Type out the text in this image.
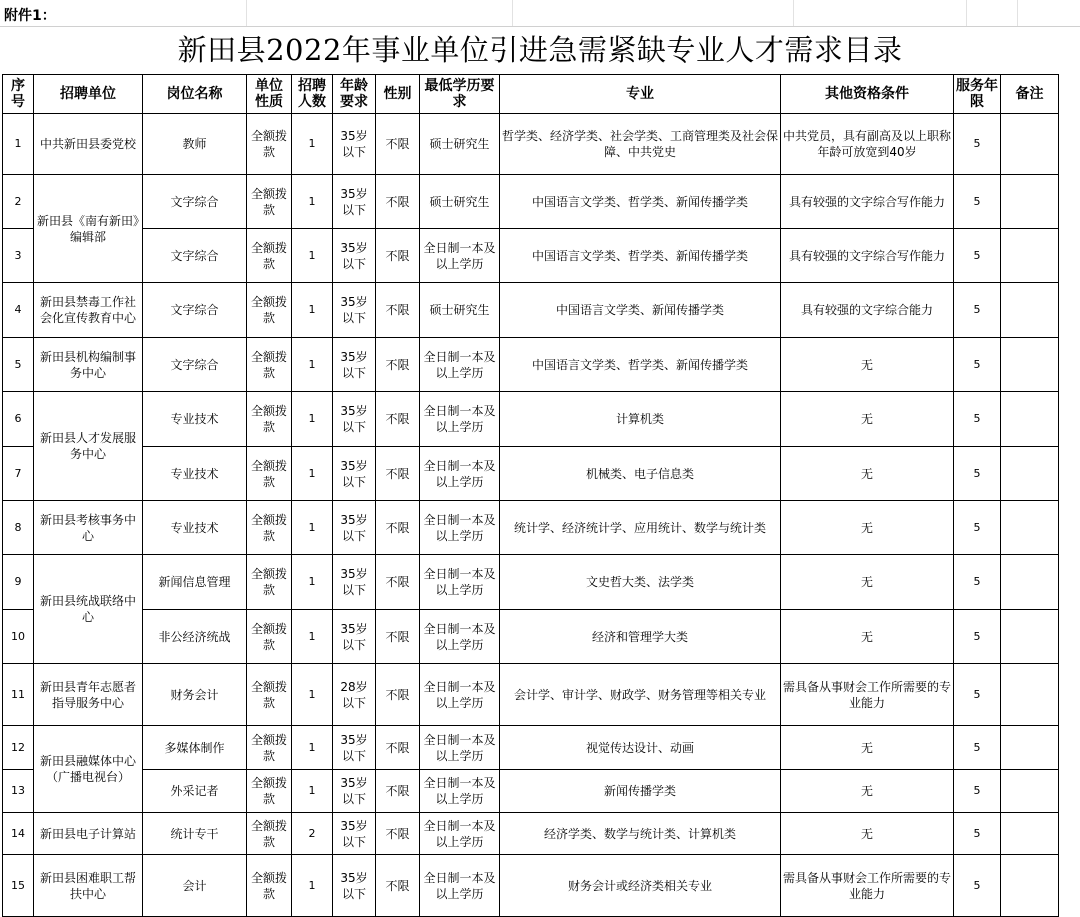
附件1：
新田县2022年事业单位引进急需紧缺专业人才需求目录
序号	招聘单位	岗位名称	单位性质	招聘人数	年龄要求	性别	最低学历要求	专业	其他资格条件	服务年限	备注
1	中共新田县委党校	教师	全额拨款	1	35岁以下	不限	硕士研究生	哲学类、经济学类、社会学类、工商管理类及社会保障、中共党史	中共党员，具有副高及以上职称年龄可放宽到40岁	5	
2	新田县《南有新田》编辑部	文字综合	全额拨款	1	35岁以下	不限	硕士研究生	中国语言文学类、哲学类、新闻传播学类	具有较强的文字综合写作能力	5	
3		文字综合	全额拨款	1	35岁以下	不限	全日制一本及以上学历	中国语言文学类、哲学类、新闻传播学类	具有较强的文字综合写作能力	5	
4	新田县禁毒工作社会化宣传教育中心	文字综合	全额拨款	1	35岁以下	不限	硕士研究生	中国语言文学类、新闻传播学类	具有较强的文字综合能力	5	
5	新田县机构编制事务中心	文字综合	全额拨款	1	35岁以下	不限	全日制一本及以上学历	中国语言文学类、哲学类、新闻传播学类	无	5	
6	新田县人才发展服务中心	专业技术	全额拨款	1	35岁以下	不限	全日制一本及以上学历	计算机类	无	5	
7		专业技术	全额拨款	1	35岁以下	不限	全日制一本及以上学历	机械类、电子信息类	无	5	
8	新田县考核事务中心	专业技术	全额拨款	1	35岁以下	不限	全日制一本及以上学历	统计学、经济统计学、应用统计、数学与统计类	无	5	
9	新田县统战联络中心	新闻信息管理	全额拨款	1	35岁以下	不限	全日制一本及以上学历	文史哲大类、法学类	无	5	
10		非公经济统战	全额拨款	1	35岁以下	不限	全日制一本及以上学历	经济和管理学大类	无	5	
11	新田县青年志愿者指导服务中心	财务会计	全额拨款	1	28岁以下	不限	全日制一本及以上学历	会计学、审计学、财政学、财务管理等相关专业	需具备从事财会工作所需要的专业能力	5	
12	新田县融媒体中心（广播电视台）	多媒体制作	全额拨款	1	35岁以下	不限	全日制一本及以上学历	视觉传达设计、动画	无	5	
13		外采记者	全额拨款	1	35岁以下	不限	全日制一本及以上学历	新闻传播学类	无	5	
14	新田县电子计算站	统计专干	全额拨款	2	35岁以下	不限	全日制一本及以上学历	经济学类、数学与统计类、计算机类	无	5	
15	新田县困难职工帮扶中心	会计	全额拨款	1	35岁以下	不限	全日制一本及以上学历	财务会计或经济类相关专业	需具备从事财会工作所需要的专业能力	5	
